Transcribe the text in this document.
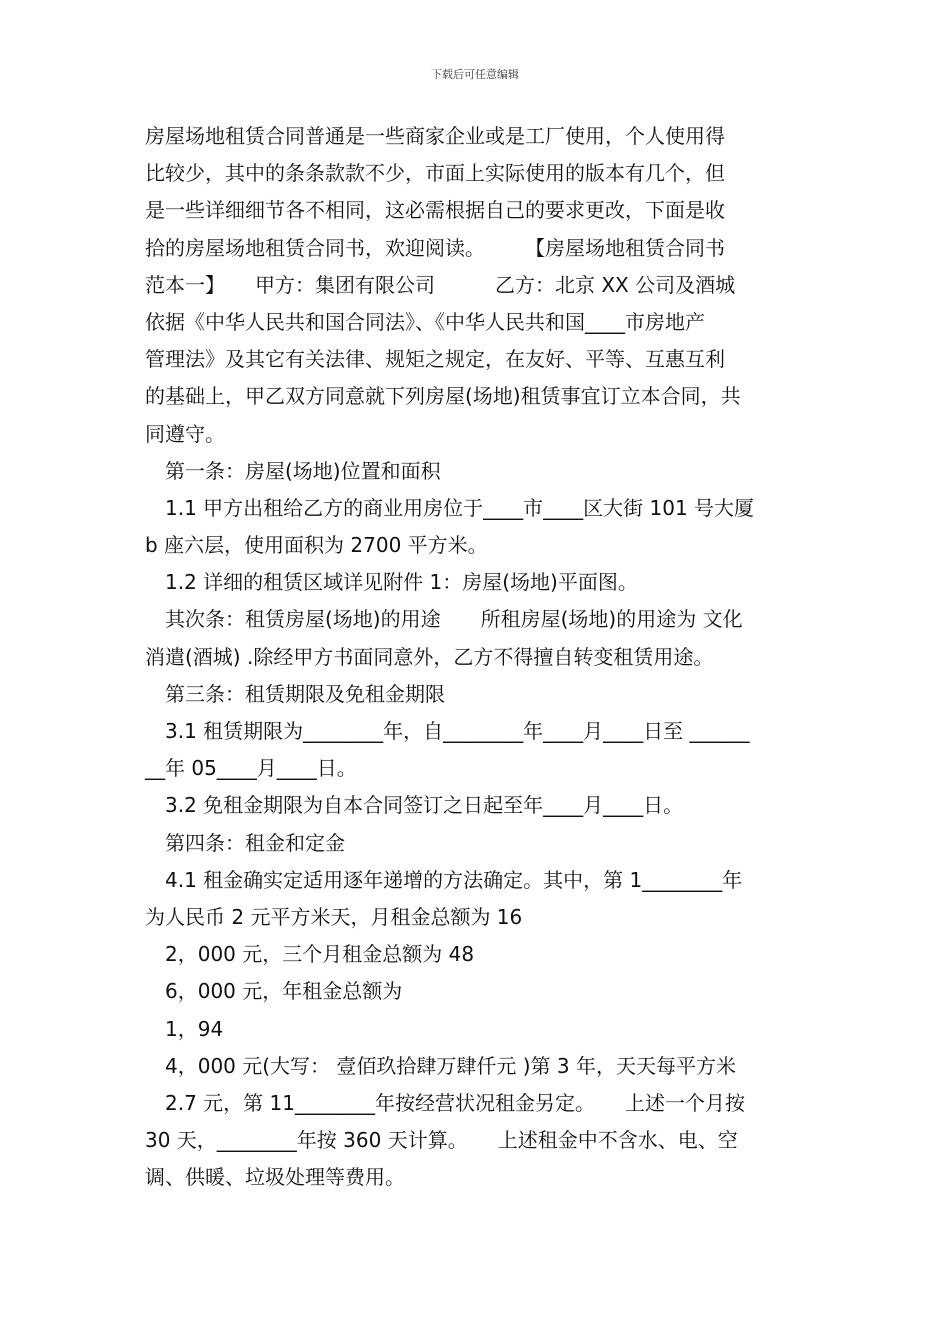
下载后可任意编辑
房屋场地租赁合同普通是一些商家企业或是工厂使用，个人使用得
比较少，其中的条条款款不少，市面上实际使用的版本有几个，但
是一些详细细节各不相同，这必需根据自己的要求更改，下面是收
拾的房屋场地租赁合同书，欢迎阅读。　　　【房屋场地租赁合同书
范本一】　　甲方：集团有限公司　　　乙方：北京 XX 公司及酒城
依据《中华人民共和国合同法》、《中华人民共和国____市房地产
管理法》及其它有关法律、规矩之规定，在友好、平等、互惠互利
的基础上，甲乙双方同意就下列房屋(场地)租赁事宜订立本合同，共
同遵守。
　第一条：房屋(场地)位置和面积
　1.1 甲方出租给乙方的商业用房位于____市____区大街 101 号大厦
b 座六层，使用面积为 2700 平方米。
　1.2 详细的租赁区域详见附件 1：房屋(场地)平面图。
　其次条：租赁房屋(场地)的用途　　所租房屋(场地)的用途为 文化
消遣(酒城) .除经甲方书面同意外，乙方不得擅自转变租赁用途。
　第三条：租赁期限及免租金期限
　3.1 租赁期限为________年，自________年____月____日至 ______
__年 05____月____日。
　3.2 免租金期限为自本合同签订之日起至年____月____日。
　第四条：租金和定金
　4.1 租金确实定适用逐年递增的方法确定。其中，第 1________年
为人民币 2 元平方米天，月租金总额为 16
　2，000 元，三个月租金总额为 48
　6，000 元，年租金总额为
　1，94
　4，000 元(大写： 壹佰玖拾肆万肆仟元 )第 3 年，天天每平方米
　2.7 元，第 11________年按经营状况租金另定。　　上述一个月按
30 天，________年按 360 天计算。　　上述租金中不含水、电、空
调、供暖、垃圾处理等费用。
